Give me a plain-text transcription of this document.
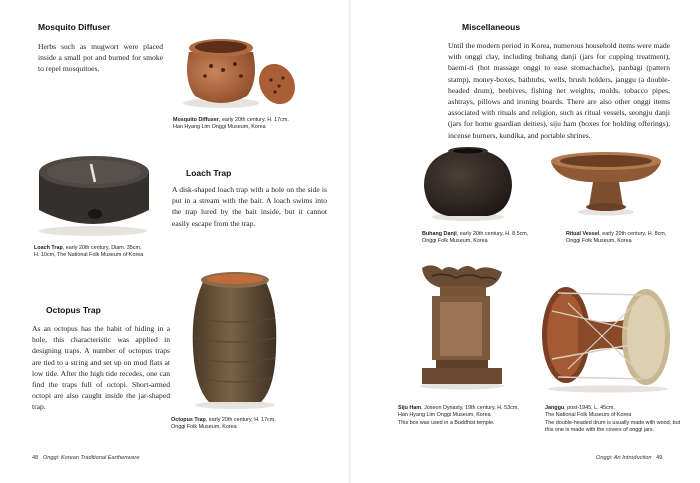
Mosquito Diffuser
Herbs such as mugwort were placed inside a small pot and burned for smoke to repel mosquitoes.
Mosquito Diffuser, early 20th century, H. 17cm.
Han Hyang Lim Onggi Museum, Korea
Loach Trap, early 20th century, Diam. 35cm,
H. 10cm, The National Folk Museum of Korea
Loach Trap
A disk-shaped loach trap with a hole on the side is put in a stream with the bait. A loach swims into the trap lured by the bait inside, but it cannot easily escape from the trap.
Octopus Trap
As an octopus has the habit of hiding in a hole, this characteristic was applied in designing traps. A number of octopus traps are tied to a string and set up on mud flats at low tide. After the high tide recedes, one can find the traps full of octopi. Short-armed octopi are also caught inside the jar-shaped trap.
Octopus Trap, early 20th century, H. 17cm,
Onggi Folk Museum, Korea
48 Onggi: Korean Traditional Earthenware
Miscellaneous
Until the modern period in Korea, numerous household items were made with onggi clay, including buhang danji (jars for cupping treatment), baemi-ri (hot massage onggi to ease stomachache), panbagi (pattern stamp), money-boxes, bathtubs, wells, brush holders, janggu (a double-headed drum), beehives, fishing net weights, molds, tobacco pipes, ashtrays, pillows and ironing boards. There are also other onggi items associated with rituals and religion, such as ritual vessels, seongju danji (jars for home guardian deities), siju ham (boxes for holding offerings), incense burners, kundika, and portable shrines.
Buhang Danji, early 20th century, H. 8.5cm,
Onggi Folk Museum, Korea
Ritual Vessel, early 20th century, H. 8cm,
Onggi Folk Museum, Korea
Siju Ham, Joseon Dynasty, 19th century, H. 53cm,
Han Hyang Lim Onggi Museum, Korea
This box was used in a Buddhist temple.
Janggu, post-1945, L. 45cm,
The National Folk Museum of Korea
The double-headed drum is usually made with wood, but this one is made with the covers of onggi jars.
Onggi: An Introduction 49
